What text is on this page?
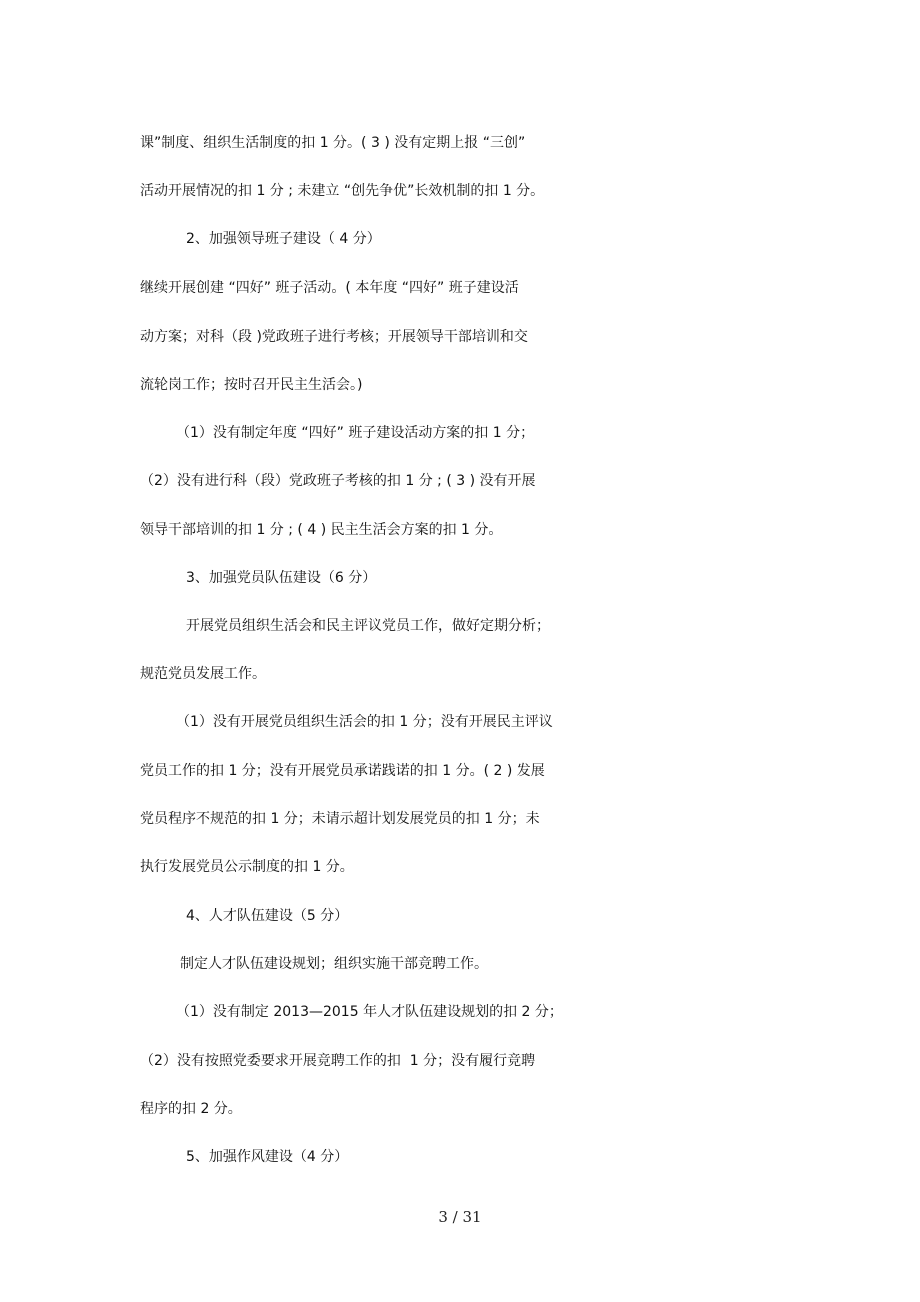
课”制度、组织生活制度的扣 1 分。( 3 ) 没有定期上报 “三创”
活动开展情况的扣 1 分 ; 未建立 “创先争优”长效机制的扣 1 分。
2、加强领导班子建设（ 4 分）
继续开展创建 “四好” 班子活动。( 本年度 “四好” 班子建设活
动方案；对科（段 )党政班子进行考核；开展领导干部培训和交
流轮岗工作；按时召开民主生活会。)
（1）没有制定年度 “四好” 班子建设活动方案的扣 1 分；
（2）没有进行科（段）党政班子考核的扣 1 分 ; ( 3 ) 没有开展
领导干部培训的扣 1 分 ; ( 4 ) 民主生活会方案的扣 1 分。
3、加强党员队伍建设（6 分）
开展党员组织生活会和民主评议党员工作，做好定期分析；
规范党员发展工作。
（1）没有开展党员组织生活会的扣 1 分；没有开展民主评议
党员工作的扣 1 分；没有开展党员承诺践诺的扣 1 分。( 2 ) 发展
党员程序不规范的扣 1 分；未请示超计划发展党员的扣 1 分；未
执行发展党员公示制度的扣 1 分。
4、人才队伍建设（5 分）
制定人才队伍建设规划；组织实施干部竞聘工作。
（1）没有制定 2013—2015 年人才队伍建设规划的扣 2 分；
（2）没有按照党委要求开展竞聘工作的扣  1 分；没有履行竞聘
程序的扣 2 分。
5、加强作风建设（4 分）
3 / 31
